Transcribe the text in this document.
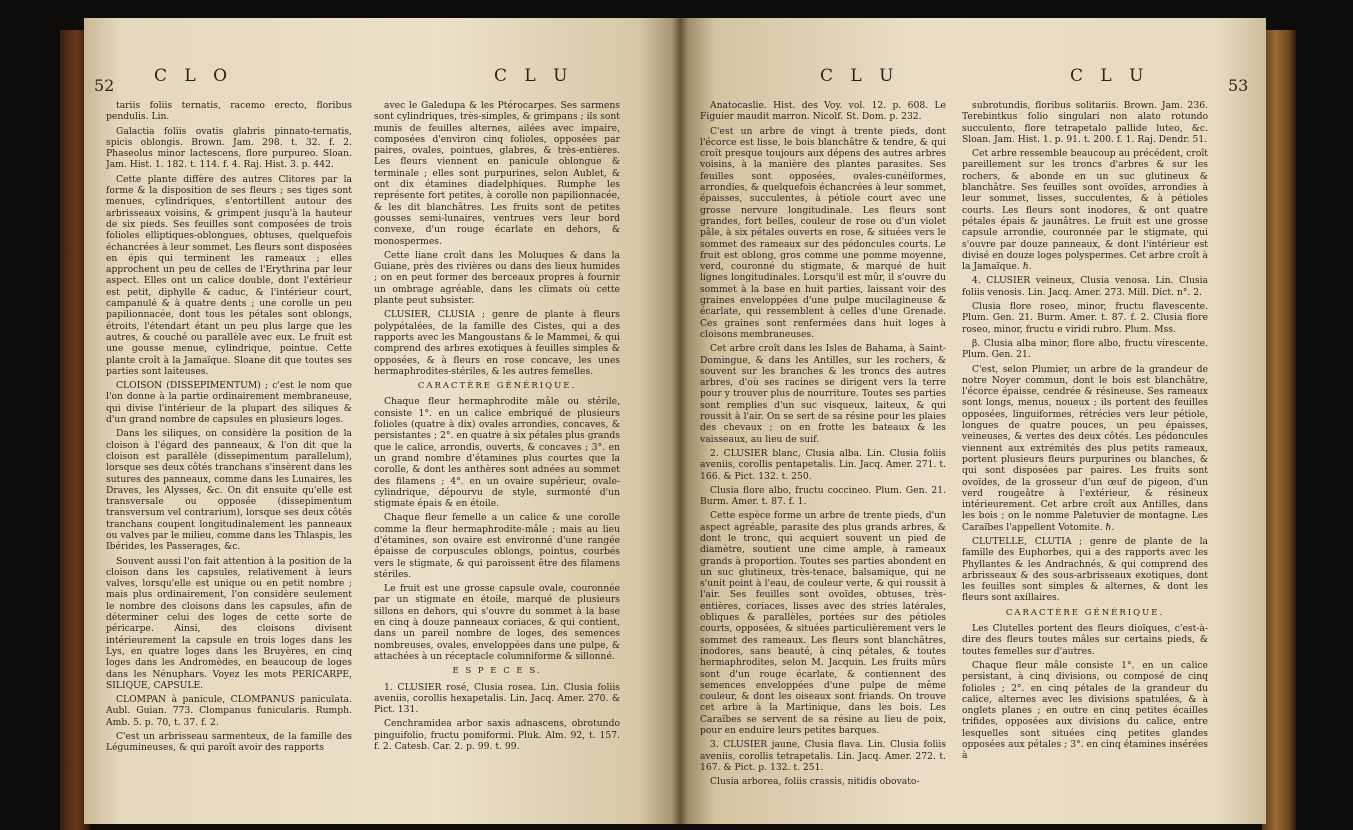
52 C L O	C L U

tariis foliis ternatis, racemo erecto, floribus pendulis. Lin.

Galactia foliis ovatis glabris pinnato-ternatis, spicis oblongis. Brown. Jam. 298. t. 32. f. 2. Phaseolus minor lactescens, flore purpureo. Sloan. Jam. Hist. 1. 182. t. 114. f. 4. Raj. Hist. 3. p. 442.

Cette plante diffère des autres Clitores par la forme & la disposition de ses fleurs ; ses tiges sont menues, cylindriques, s'entortillent autour des arbrisseaux voisins, & grimpent jusqu'à la hauteur de six pieds. Ses feuilles sont composées de trois folioles elliptiques-oblongues, obtuses, quelquefois échancrées à leur sommet. Les fleurs sont disposées en épis qui terminent les rameaux ; elles approchent un peu de celles de l'Erythrina par leur aspect. Elles ont un calice double, dont l'extérieur est petit, diphylle & caduc, & l'intérieur court, campanulé & à quatre dents ; une corolle un peu papilionnacée, dont tous les pétales sont oblongs, étroits, l'étendart étant un peu plus large que les autres, & couché ou parallèle avec eux. Le fruit est une gousse menue, cylindrique, pointue. Cette plante croît à la Jamaïque. Sloane dit que toutes ses parties sont laiteuses.

CLOISON (DISSEPIMENTUM) ; c'est le nom que l'on donne à la partie ordinairement membraneuse, qui divise l'intérieur de la plupart des siliques & d'un grand nombre de capsules en plusieurs loges.

Dans les siliques, on considère la position de la cloison à l'égard des panneaux, & l'on dit que la cloison est parallèle (dissepimentum parallelum), lorsque ses deux côtés tranchans s'insèrent dans les sutures des panneaux, comme dans les Lunaires, les Draves, les Alysses, &c. On dit ensuite qu'elle est transversale ou opposée (dissepimentum transversum vel contrarium), lorsque ses deux côtés tranchans coupent longitudinalement les panneaux ou valves par le milieu, comme dans les Thlaspis, les Ibérides, les Passerages, &c.

Souvent aussi l'on fait attention à la position de la cloison dans les capsules, relativement à leurs valves, lorsqu'elle est unique ou en petit nombre ; mais plus ordinairement, l'on considère seulement le nombre des cloisons dans les capsules, afin de déterminer celui des loges de cette sorte de péricarpe. Ainsi, des cloisons divisent intérieurement la capsule en trois loges dans les Lys, en quatre loges dans les Bruyères, en cinq loges dans les Andromèdes, en beaucoup de loges dans les Nénuphars. Voyez les mots PERICARPE, SILIQUE, CAPSULE.

CLOMPAN à panicule, CLOMPANUS paniculata. Aubl. Guian. 773. Clompanus funicularis. Rumph. Amb. 5. p. 70, t. 37. f. 2.

C'est un arbrisseau sarmenteux, de la famille des Légumineuses, & qui paroît avoir des rapports

avec le Galedupa & les Ptérocarpes. Ses sarmens sont cylindriques, très-simples, & grimpans ; ils sont munis de feuilles alternes, ailées avec impaire, composées d'environ cinq folioles, opposées par paires, ovales, pointues, glabres, & très-entières. Les fleurs viennent en panicule oblongue & terminale ; elles sont purpurines, selon Aublet, & ont dix étamines diadelphiques. Rumphe les représente fort petites, à corolle non papilionnacée, & les dit blanchâtres. Les fruits sont de petites gousses semi-lunaires, ventrues vers leur bord convexe, d'un rouge écarlate en dehors, & monospermes.

Cette liane croît dans les Moluques & dans la Guiane, près des rivières ou dans des lieux humides ; on en peut former des berceaux propres à fournir un ombrage agréable, dans les climats où cette plante peut subsister.

CLUSIER, CLUSIA ; genre de plante à fleurs polypétalées, de la famille des Cistes, qui a des rapports avec les Mangoustans & le Mammei, & qui comprend des arbres exotiques à feuilles simples & opposées, & à fleurs en rose concave, les unes hermaphrodites-stériles, & les autres femelles.

CARACTÈRE GÉNÉRIQUE.

Chaque fleur hermaphrodite mâle ou stérile, consiste 1°. en un calice embriqué de plusieurs folioles (quatre à dix) ovales arrondies, concaves, & persistantes ; 2°. en quatre à six pétales plus grands que le calice, arrondis, ouverts, & concaves ; 3°. en un grand nombre d'étamines plus courtes que la corolle, & dont les anthères sont adnées au sommet des filamens ; 4°. en un ovaire supérieur, ovale-cylindrique, dépourvu de style, surmonté d'un stigmate épais & en étoile.

Chaque fleur femelle a un calice & une corolle comme la fleur hermaphrodite-mâle ; mais au lieu d'étamines, son ovaire est environné d'une rangée épaisse de corpuscules oblongs, pointus, courbés vers le stigmate, & qui paroissent être des filamens stériles.

Le fruit est une grosse capsule ovale, couronnée par un stigmate en étoile, marqué de plusieurs sillons en dehors, qui s'ouvre du sommet à la base en cinq à douze panneaux coriaces, & qui contient, dans un pareil nombre de loges, des semences nombreuses, ovales, enveloppées dans une pulpe, & attachées à un réceptacle columniforme & sillonné.

E S P E C E S.

1. CLUSIER rosé, Clusia rosea. Lin. Clusia foliis aveniis, corollis hexapetalis. Lin. Jacq. Amer. 270. & Pict. 131.

Cenchramidea arbor saxis adnascens, obrotundo pinguifolio, fructu pomiformi. Pluk. Alm. 92, t. 157. f. 2. Catesb. Car. 2. p. 99. t. 99.

C L U	C L U	53

Anatocaslie. Hist. des Voy. vol. 12. p. 608. Le Figuier maudit marron. Nicolf. St. Dom. p. 232.

C'est un arbre de vingt à trente pieds, dont l'écorce est lisse, le bois blanchâtre & tendre, & qui croît presque toujours aux dépens des autres arbres voisins, à la manière des plantes parasites. Ses feuilles sont opposées, ovales-cunéiformes, arrondies, & quelquefois échancrées à leur sommet, épaisses, succulentes, à pétiole court avec une grosse nervure longitudinale. Les fleurs sont grandes, fort belles, couleur de rose ou d'un violet pâle, à six pétales ouverts en rose, & situées vers le sommet des rameaux sur des pédoncules courts. Le fruit est oblong, gros comme une pomme moyenne, verd, couronné du stigmate, & marqué de huit lignes longitudinales. Lorsqu'il est mûr, il s'ouvre du sommet à la base en huit parties, laissant voir des graines enveloppées d'une pulpe mucilagineuse & écarlate, qui ressemblent à celles d'une Grenade. Ces graines sont renfermées dans huit loges à cloisons membraneuses.

Cet arbre croît dans les Isles de Bahama, à Saint-Domingue, & dans les Antilles, sur les rochers, & souvent sur les branches & les troncs des autres arbres, d'où ses racines se dirigent vers la terre pour y trouver plus de nourriture. Toutes ses parties sont remplies d'un suc visqueux, laiteux, & qui roussit à l'air. On se sert de sa résine pour les plaies des chevaux ; on en frotte les bateaux & les vaisseaux, au lieu de suif.

2. CLUSIER blanc, Clusia alba. Lin. Clusia foliis aveniis, corollis pentapetalis. Lin. Jacq. Amer. 271. t. 166. & Pict. 132. t. 250.

Clusia flore albo, fructu coccineo. Plum. Gen. 21. Burm. Amer. t. 87. f. 1.

Cette espèce forme un arbre de trente pieds, d'un aspect agréable, parasite des plus grands arbres, & dont le tronc, qui acquiert souvent un pied de diamètre, soutient une cime ample, à rameaux grands à proportion. Toutes ses parties abondent en un suc glutineux, très-tenace, balsamique, qui ne s'unit point à l'eau, de couleur verte, & qui roussit à l'air. Ses feuilles sont ovoïdes, obtuses, très-entières, coriaces, lisses avec des stries latérales, obliques & parallèles, portées sur des pétioles courts, opposées, & situées particulièrement vers le sommet des rameaux. Les fleurs sont blanchâtres, inodores, sans beauté, à cinq pétales, & toutes hermaphrodites, selon M. Jacquin. Les fruits mûrs sont d'un rouge écarlate, & contiennent des semences enveloppées d'une pulpe de même couleur, & dont les oiseaux sont friands. On trouve cet arbre à la Martinique, dans les bois. Les Caraïbes se servent de sa résine au lieu de poix, pour en enduire leurs petites barques.

3. CLUSIER jaune, Clusia flava. Lin. Clusia foliis aveniis, corollis tetrapetalis. Lin. Jacq. Amer. 272. t. 167. & Pict. p. 132. t. 251.

Clusia arborea, foliis crassis, nitidis obovato-

subrotundis, floribus solitariis. Brown. Jam. 236. Terebintkus folio singulari non alato rotundo succulento, flore tetrapetalo pallide luteo, &c. Sloan. Jam. Hist. 1. p. 91. t. 200. f. 1. Raj. Dendr. 51.

Cet arbre ressemble beaucoup au précédent, croît pareillement sur les troncs d'arbres & sur les rochers, & abonde en un suc glutineux & blanchâtre. Ses feuilles sont ovoïdes, arrondies à leur sommet, lisses, succulentes, & à pétioles courts. Les fleurs sont inodores, & ont quatre pétales épais & jaunâtres. Le fruit est une grosse capsule arrondie, couronnée par le stigmate, qui s'ouvre par douze panneaux, & dont l'intérieur est divisé en douze loges polyspermes. Cet arbre croît à la Jamaïque. ℏ.

4. CLUSIER veineux, Clusia venosa. Lin. Clusia foliis venosis. Lin. Jacq. Amer. 273. Mill. Dict. n°. 2.

Clusia flore roseo, minor, fructu flavescente. Plum. Gen. 21. Burm. Amer. t. 87. f. 2. Clusia flore roseo, minor, fructu e viridi rubro. Plum. Mss.

β. Clusia alba minor, flore albo, fructu virescente. Plum. Gen. 21.

C'est, selon Plumier, un arbre de la grandeur de notre Noyer commun, dont le bois est blanchâtre, l'écorce épaisse, cendrée & résineuse. Ses rameaux sont longs, menus, noueux ; ils portent des feuilles opposées, linguiformes, rétrécies vers leur pétiole, longues de quatre pouces, un peu épaisses, veineuses, & vertes des deux côtés. Les pédoncules viennent aux extrémités des plus petits rameaux, portent plusieurs fleurs purpurines ou blanches, & qui sont disposées par paires. Les fruits sont ovoïdes, de la grosseur d'un œuf de pigeon, d'un verd rougeâtre à l'extérieur, & résineux intérieurement. Cet arbre croît aux Antilles, dans les bois ; on le nomme Paletuvier de montagne. Les Caraïbes l'appellent Votomite. ℏ.

CLUTELLE, CLUTIA ; genre de plante de la famille des Euphorbes, qui a des rapports avec les Phyllantes & les Andrachnés, & qui comprend des arbrisseaux & des sous-arbrisseaux exotiques, dont les feuilles sont simples & alternes, & dont les fleurs sont axillaires.

CARACTÈRE GÉNÉRIQUE.

Les Clutelles portent des fleurs dioïques, c'est-à-dire des fleurs toutes mâles sur certains pieds, & toutes femelles sur d'autres.

Chaque fleur mâle consiste 1°. en un calice persistant, à cinq divisions, ou composé de cinq folioles ; 2°. en cinq pétales de la grandeur du calice, alternes avec les divisions spatulées, & à onglets planes ; en outre en cinq petites écailles trifides, opposées aux divisions du calice, entre lesquelles sont situées cinq petites glandes opposées aux pétales ; 3°. en cinq étamines insérées à
